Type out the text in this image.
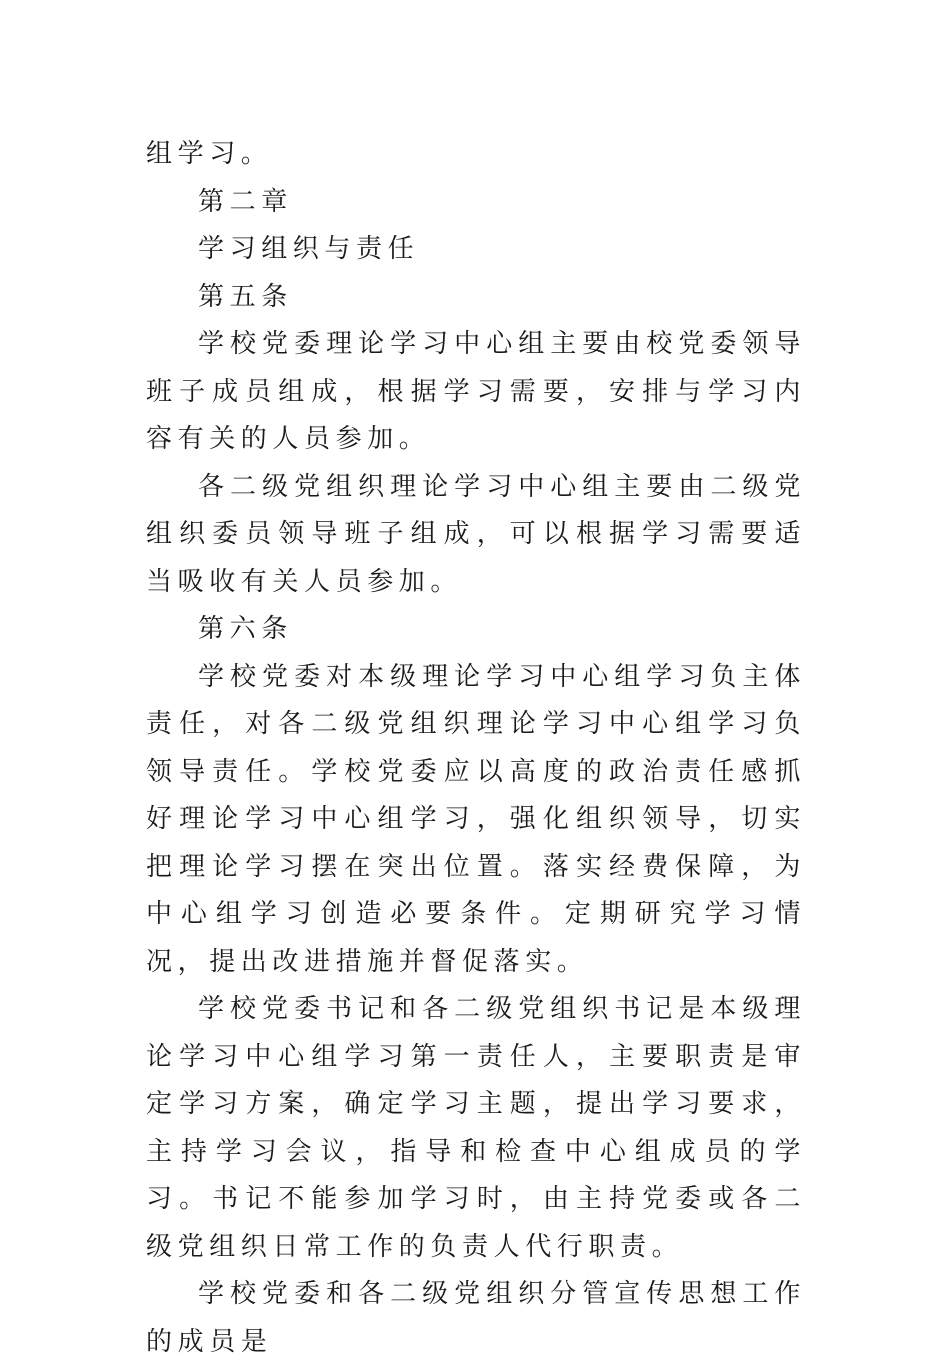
组学习。

第二章

学习组织与责任

第五条

学校党委理论学习中心组主要由校党委领导班子成员组成，根据学习需要，安排与学习内容有关的人员参加。

各二级党组织理论学习中心组主要由二级党组织委员领导班子组成，可以根据学习需要适当吸收有关人员参加。

第六条

学校党委对本级理论学习中心组学习负主体责任，对各二级党组织理论学习中心组学习负领导责任。学校党委应以高度的政治责任感抓好理论学习中心组学习，强化组织领导，切实把理论学习摆在突出位置。落实经费保障，为中心组学习创造必要条件。定期研究学习情况，提出改进措施并督促落实。

学校党委书记和各二级党组织书记是本级理论学习中心组学习第一责任人，主要职责是审定学习方案，确定学习主题，提出学习要求，主持学习会议，指导和检查中心组成员的学习。书记不能参加学习时，由主持党委或各二级党组织日常工作的负责人代行职责。

学校党委和各二级党组织分管宣传思想工作的成员是
